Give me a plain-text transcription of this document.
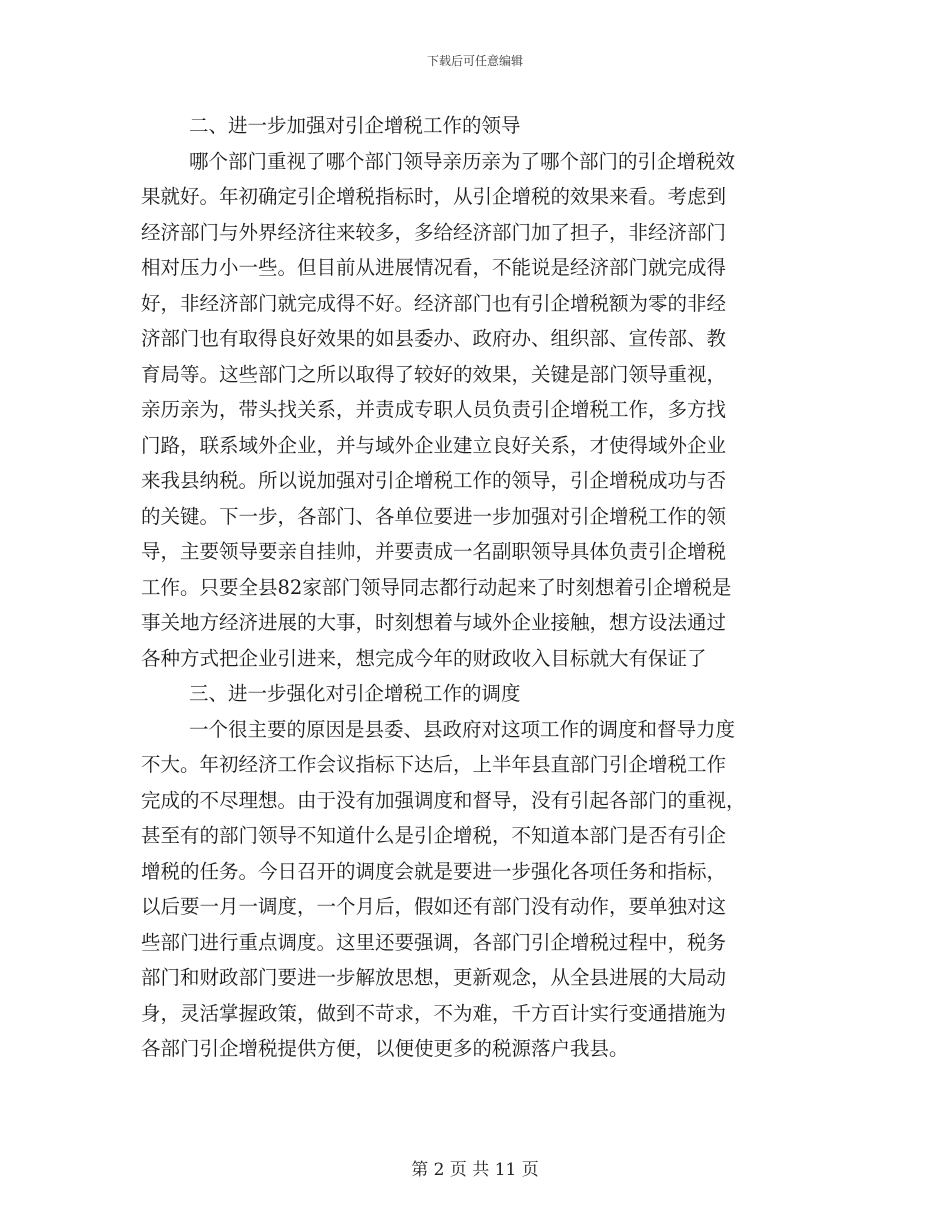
下载后可任意编辑

二、进一步加强对引企增税工作的领导

哪个部门重视了哪个部门领导亲历亲为了哪个部门的引企增税效
果就好。年初确定引企增税指标时，从引企增税的效果来看。考虑到
经济部门与外界经济往来较多，多给经济部门加了担子，非经济部门
相对压力小一些。但目前从进展情况看，不能说是经济部门就完成得
好，非经济部门就完成得不好。经济部门也有引企增税额为零的非经
济部门也有取得良好效果的如县委办、政府办、组织部、宣传部、教
育局等。这些部门之所以取得了较好的效果，关键是部门领导重视，
亲历亲为，带头找关系，并责成专职人员负责引企增税工作，多方找
门路，联系域外企业，并与域外企业建立良好关系，才使得域外企业
来我县纳税。所以说加强对引企增税工作的领导，引企增税成功与否
的关键。下一步，各部门、各单位要进一步加强对引企增税工作的领
导，主要领导要亲自挂帅，并要责成一名副职领导具体负责引企增税
工作。只要全县82家部门领导同志都行动起来了时刻想着引企增税是
事关地方经济进展的大事，时刻想着与域外企业接触，想方设法通过
各种方式把企业引进来，想完成今年的财政收入目标就大有保证了

三、进一步强化对引企增税工作的调度

一个很主要的原因是县委、县政府对这项工作的调度和督导力度
不大。年初经济工作会议指标下达后，上半年县直部门引企增税工作
完成的不尽理想。由于没有加强调度和督导，没有引起各部门的重视，
甚至有的部门领导不知道什么是引企增税，不知道本部门是否有引企
增税的任务。今日召开的调度会就是要进一步强化各项任务和指标，
以后要一月一调度，一个月后，假如还有部门没有动作，要单独对这
些部门进行重点调度。这里还要强调，各部门引企增税过程中，税务
部门和财政部门要进一步解放思想，更新观念，从全县进展的大局动
身，灵活掌握政策，做到不苛求，不为难，千方百计实行变通措施为
各部门引企增税提供方便，以便使更多的税源落户我县。
第 2 页 共 11 页
